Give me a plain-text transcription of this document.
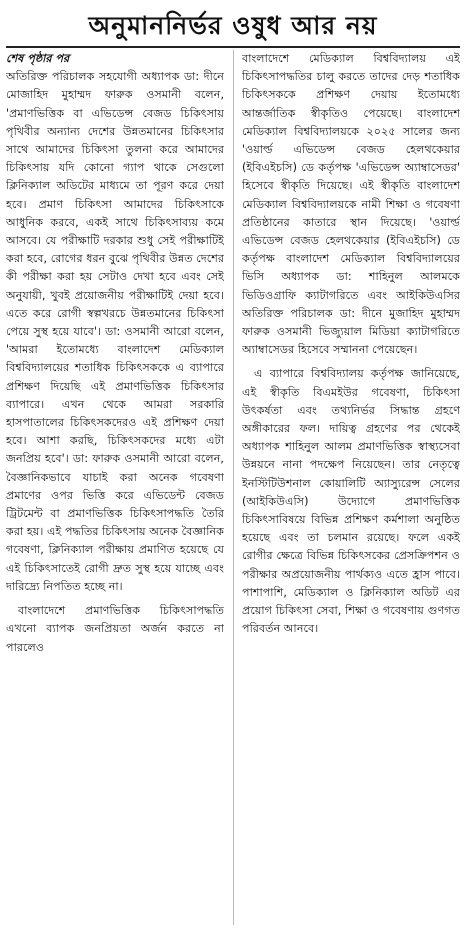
অনুমাননির্ভর ওষুধ আর নয়
শেষ পৃষ্ঠার পর

অতিরিক্ত পরিচালক সহযোগী অধ্যাপক ডা: দীনে মোজাহিদ মুহাম্মদ ফারুক ওসমানী বলেন, 'প্রমাণভিত্তিক বা এভিডেন্স বেজড চিকিৎসায় পৃথিবীর অন্যান্য দেশের উন্নতমানের চিকিৎসার সাথে আমাদের চিকিৎসা তুলনা করে আমাদের চিকিৎসায় যদি কোনো গ্যাপ থাকে সেগুলো ক্লিনিক্যাল অডিটের মাধ্যমে তা পূরণ করে দেয়া হবে। প্রমাণ চিকিৎসা আমাদের চিকিৎসাকে আধুনিক করবে, একই সাথে চিকিৎসাব্যয় কমে আসবে। যে পরীক্ষাটি দরকার শুধু সেই পরীক্ষাটিই করা হবে, রোগের ধরন বুঝে পৃথিবীর উন্নত দেশের কী পরীক্ষা করা হয় সেটাও দেখা হবে এবং সেই অনুযায়ী, খুবই প্রয়োজনীয় পরীক্ষাটিই দেয়া হবে। এতে করে রোগী স্বল্পখরচে উন্নতমানের চিকিৎসা পেয়ে সুস্থ হয়ে যাবে'। ডা: ওসমানী আরো বলেন, 'আমরা ইতোমধ্যে বাংলাদেশ মেডিক্যাল বিশ্ববিদ্যালয়ের শতাধিক চিকিৎসককে এ ব্যাপারে প্রশিক্ষণ দিয়েছি এই প্রমাণভিত্তিক চিকিৎসার ব্যাপারে। এখন থেকে আমরা সরকারি হাসপাতালের চিকিৎসকদেরও এই প্রশিক্ষণ দেয়া হবে। আশা করছি, চিকিৎসকদের মধ্যে এটা জনপ্রিয় হবে'। ডা: ফারুক ওসমানী আরো বলেন, বৈজ্ঞানিকভাবে যাচাই করা অনেক গবেষণা প্রমাণের ওপর ভিত্তি করে এভিডেন্ট বেজড ট্রিটমেন্ট বা প্রমাণভিত্তিক চিকিৎসাপদ্ধতি তৈরি করা হয়। এই পদ্ধতির চিকিৎসায় অনেক বৈজ্ঞানিক গবেষণা, ক্লিনিক্যাল পরীক্ষায় প্রমাণিত হয়েছে যে এই চিকিৎসাতেই রোগী দ্রুত সুস্থ হয়ে যাচ্ছে এবং দারিদ্র্যে নিপতিত হচ্ছে না।

বাংলাদেশে প্রমাণভিত্তিক চিকিৎসাপদ্ধতি এখনো ব্যাপক জনপ্রিয়তা অর্জন করতে না পারলেও

বাংলাদেশে মেডিক্যাল বিশ্ববিদ্যালয় এই চিকিৎসাপদ্ধতির চালু করতে তাদের দেড় শতাধিক চিকিৎসককে প্রশিক্ষণ দেয়ায় ইতোমধ্যে আন্তর্জাতিক স্বীকৃতিও পেয়েছে। বাংলাদেশ মেডিক্যাল বিশ্ববিদ্যালয়কে ২০২৫ সালের জন্য 'ওয়ার্ল্ড এভিডেন্স বেজড হেলথকেয়ার (ইবিএইচসি) ডে কর্তৃপক্ষ 'এভিডেন্স অ্যাম্বাসেডর' হিসেবে স্বীকৃতি দিয়েছে। এই স্বীকৃতি বাংলাদেশ মেডিক্যাল বিশ্ববিদ্যালয়কে নামী শিক্ষা ও গবেষণা প্রতিষ্ঠানের কাতারে স্থান দিয়েছে। 'ওয়ার্ল্ড এভিডেন্স বেজড হেলথকেয়ার (ইবিএইচসি) ডে কর্তৃপক্ষ বাংলাদেশ মেডিক্যাল বিশ্ববিদ্যালয়ের ভিসি অধ্যাপক ডা: শাহিনুল আলমকে ভিডিওগ্রাফি ক্যাটাগরিতে এবং আইকিউএসির অতিরিক্ত পরিচালক ডা: দীনে মুজাহিদ মুহাম্মদ ফারুক ওসমানী ভিজ্যুয়াল মিডিয়া ক্যাটাগরিতে অ্যাম্বাসেডর হিসেবে সম্মাননা পেয়েছেন।

এ ব্যাপারে বিশ্ববিদ্যালয় কর্তৃপক্ষ জানিয়েছে, এই স্বীকৃতি বিএমইউর গবেষণা, চিকিৎসা উৎকর্ষতা এবং তথ্যনির্ভর সিদ্ধান্ত গ্রহণে অঙ্গীকারের ফল। দায়িত্ব গ্রহণের পর থেকেই অধ্যাপক শাহিনুল আলম প্রমাণভিত্তিক স্বাস্থ্যসেবা উন্নয়নে নানা পদক্ষেপ নিয়েছেন। তার নেতৃত্বে ইনস্টিটিউশনাল কোয়ালিটি অ্যাস্যুরেন্স সেলের (আইকিউএসি) উদ্যোগে প্রমাণভিত্তিক চিকিৎসাবিষয়ে বিভিন্ন প্রশিক্ষণ কর্মশালা অনুষ্ঠিত হয়েছে এবং তা চলমান রয়েছে। ফলে একই রোগীর ক্ষেত্রে বিভিন্ন চিকিৎসকের প্রেসক্রিপশন ও পরীক্ষার অপ্রয়োজনীয় পার্থক্যও এতে হ্রাস পাবে। পাশাপাশি, মেডিক্যাল ও ক্লিনিক্যাল অডিট এর প্রয়োগ চিকিৎসা সেবা, শিক্ষা ও গবেষণায় গুণগত পরিবর্তন আনবে।
